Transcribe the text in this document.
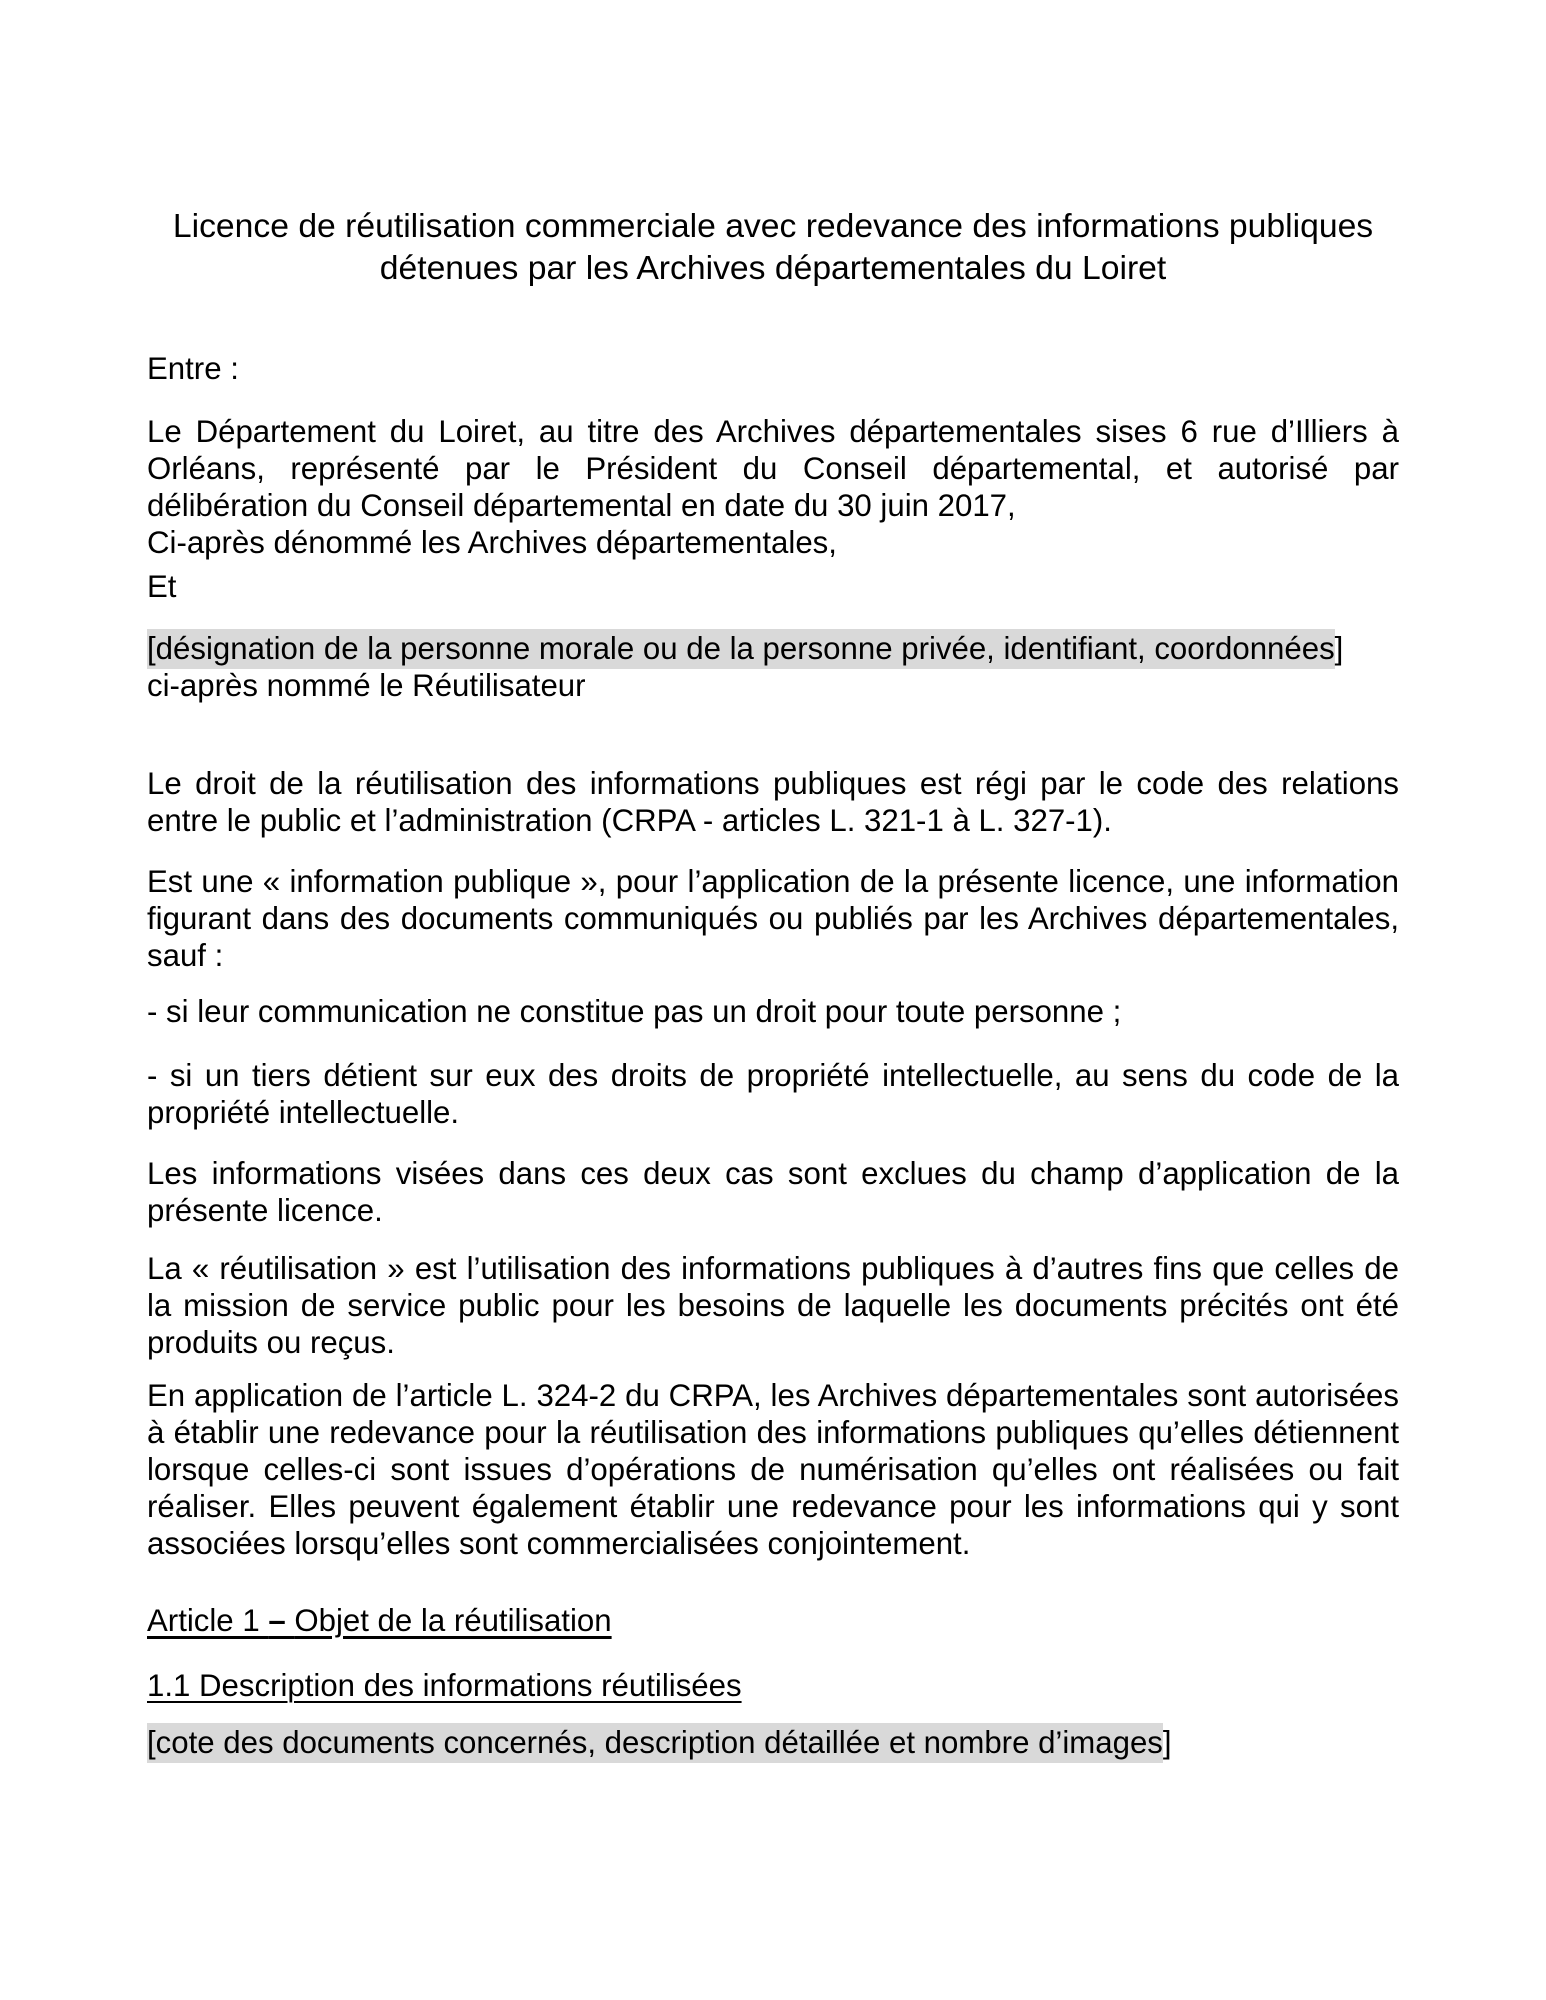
Licence de réutilisation commerciale avec redevance des informations publiques détenues par les Archives départementales du Loiret

Entre :

Le Département du Loiret, au titre des Archives départementales sises 6 rue d’Illiers à Orléans, représenté par le Président du Conseil départemental, et autorisé par délibération du Conseil départemental en date du 30 juin 2017,
Ci-après dénommé les Archives départementales,

Et

[désignation de la personne morale ou de la personne privée, identifiant, coordonnées]
ci-après nommé le Réutilisateur

Le droit de la réutilisation des informations publiques est régi par le code des relations entre le public et l’administration (CRPA - articles L. 321-1 à L. 327-1).

Est une « information publique », pour l’application de la présente licence, une information figurant dans des documents communiqués ou publiés par les Archives départementales, sauf :

- si leur communication ne constitue pas un droit pour toute personne ;

- si un tiers détient sur eux des droits de propriété intellectuelle, au sens du code de la propriété intellectuelle.

Les informations visées dans ces deux cas sont exclues du champ d’application de la présente licence.

La « réutilisation » est l’utilisation des informations publiques à d’autres fins que celles de la mission de service public pour les besoins de laquelle les documents précités ont été produits ou reçus.

En application de l’article L. 324-2 du CRPA, les Archives départementales sont autorisées à établir une redevance pour la réutilisation des informations publiques qu’elles détiennent lorsque celles-ci sont issues d’opérations de numérisation qu’elles ont réalisées ou fait réaliser. Elles peuvent également établir une redevance pour les informations qui y sont associées lorsqu’elles sont commercialisées conjointement.

Article 1 – Objet de la réutilisation
1.1 Description des informations réutilisées

[cote des documents concernés, description détaillée et nombre d’images]
